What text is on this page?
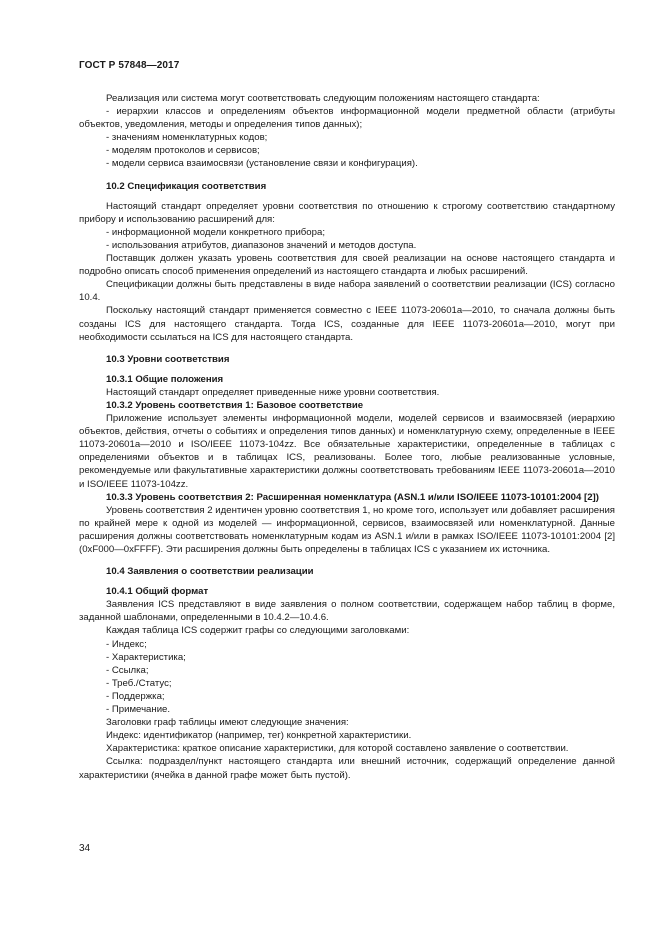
ГОСТ Р 57848—2017

Реализация или система могут соответствовать следующим положениям настоящего стандарта:

- иерархии классов и определениям объектов информационной модели предметной области (атрибуты объектов, уведомления, методы и определения типов данных);

- значениям номенклатурных кодов;

- моделям протоколов и сервисов;

- модели сервиса взаимосвязи (установление связи и конфигурация).

10.2 Спецификация соответствия

Настоящий стандарт определяет уровни соответствия по отношению к строгому соответствию стандартному прибору и использованию расширений для:

- информационной модели конкретного прибора;

- использования атрибутов, диапазонов значений и методов доступа.

Поставщик должен указать уровень соответствия для своей реализации на основе настоящего стандарта и подробно описать способ применения определений из настоящего стандарта и любых расширений.

Спецификации должны быть представлены в виде набора заявлений о соответствии реализации (ICS) согласно 10.4.

Поскольку настоящий стандарт применяется совместно с IEEE 11073-20601a—2010, то сначала должны быть созданы ICS для настоящего стандарта. Тогда ICS, созданные для IEEE 11073-20601a—2010, могут при необходимости ссылаться на ICS для настоящего стандарта.

10.3 Уровни соответствия

10.3.1 Общие положения

Настоящий стандарт определяет приведенные ниже уровни соответствия.

10.3.2 Уровень соответствия 1: Базовое соответствие

Приложение использует элементы информационной модели, моделей сервисов и взаимосвязей (иерархию объектов, действия, отчеты о событиях и определения типов данных) и номенклатурную схему, определенные в IEEE 11073-20601a—2010 и ISO/IEEE 11073-104zz. Все обязательные характеристики, определенные в таблицах с определениями объектов и в таблицах ICS, реализованы. Более того, любые реализованные условные, рекомендуемые или факультативные характеристики должны соответствовать требованиям IEEE 11073-20601a—2010 и ISO/IEEE 11073-104zz.

10.3.3 Уровень соответствия 2: Расширенная номенклатура (ASN.1 и/или ISO/IEEE 11073-10101:2004 [2])

Уровень соответствия 2 идентичен уровню соответствия 1, но кроме того, использует или добавляет расширения по крайней мере к одной из моделей — информационной, сервисов, взаимосвязей или номенклатурной. Данные расширения должны соответствовать номенклатурным кодам из ASN.1 и/или в рамках ISO/IEEE 11073-10101:2004 [2] (0xF000—0xFFFF). Эти расширения должны быть определены в таблицах ICS с указанием их источника.

10.4 Заявления о соответствии реализации

10.4.1 Общий формат

Заявления ICS представляют в виде заявления о полном соответствии, содержащем набор таблиц в форме, заданной шаблонами, определенными в 10.4.2—10.4.6.

Каждая таблица ICS содержит графы со следующими заголовками:

- Индекс;

- Характеристика;

- Ссылка;

- Треб./Статус;

- Поддержка;

- Примечание.

Заголовки граф таблицы имеют следующие значения:

Индекс: идентификатор (например, тег) конкретной характеристики.

Характеристика: краткое описание характеристики, для которой составлено заявление о соответствии.

Ссылка: подраздел/пункт настоящего стандарта или внешний источник, содержащий определение данной характеристики (ячейка в данной графе может быть пустой).

34
